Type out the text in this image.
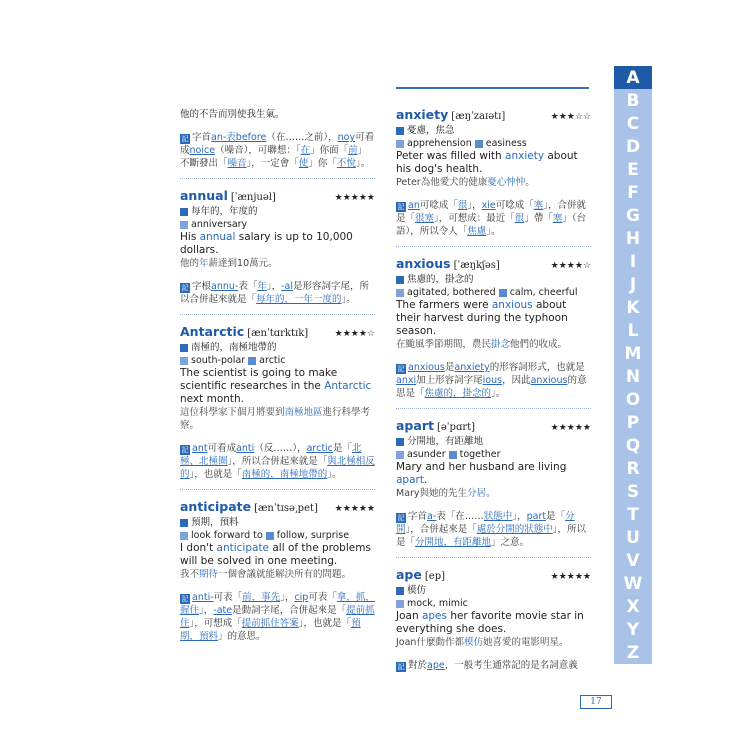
他的不告而別使我生氣。

記 字首an-表before（在……之前），noy可看成noice（噪音），可聯想：「在」你面「前」不斷發出「噪音」，一定會「使」你「不悅」。
annual [ˈænjuəl]	★★★★★
每年的，年度的
anniversary
His annual salary is up to 10,000 dollars.
他的年薪達到10萬元。
記 字根annu-表「年」，-al是形容詞字尾，所以合併起來就是「每年的，一年一度的」。
Antarctic [ænˈtɑrktɪk]	★★★★☆
南極的，南極地帶的
south-polar arctic
The scientist is going to make scientific researches in the Antarctic next month.
這位科學家下個月將要到南極地區進行科學考察。
記 ant可看成anti（反……），arctic是「北極、北極圈」，所以合併起來就是「與北極相反的」，也就是「南極的，南極地帶的」。
anticipate [ænˈtɪsə͵pet] ★★★★★
預期，預料
look forward to follow, surprise
I don't anticipate all of the problems will be solved in one meeting.
我不期待一個會議就能解決所有的問題。
記 anti-可表「前，事先」，cip可表「拿，抓，握住」，-ate是動詞字尾，合併起來是「提前抓住」，可想成「提前抓住答案」，也就是「預期，預料」的意思。
anxiety [æŋˈzaɪətɪ]	★★★☆☆
憂慮，焦急
apprehension easiness
Peter was filled with anxiety about his dog's health.
Peter為他愛犬的健康憂心忡忡。
記 an可唸成「很」，xie可唸成「塞」，合併就是「很塞」，可想成：最近「很」帶「塞」（台語），所以令人「焦慮」。
anxious [ˈæŋkʃəs]	★★★★☆
焦慮的，掛念的
agitated, bothered calm, cheerful
The farmers were anxious about their harvest during the typhoon season.
在颱風季節期間，農民掛念他們的收成。
記 anxious是anxiety的形容詞形式，也就是anxi加上形容詞字尾ious，因此anxious的意思是「焦慮的，掛念的」。
apart [əˈpɑrt]	★★★★★
分開地，有距離地
asunder together
Mary and her husband are living apart.
Mary與她的先生分居。
記 字首a-表「在……狀態中」，part是「分開」，合併起來是「處於分開的狀態中」，所以是「分開地，有距離地」之意。
ape [ep]	★★★★★
模仿
mock, mimic
Joan apes her favorite movie star in everything she does.
Joan什麼動作都模仿她喜愛的電影明星。
記 對於ape，一般考生通常記的是名詞意義
A
B
C
D
E
F
G
H
I
J
K
L
M
N
O
P
Q
R
S
T
U
V
W
X
Y
Z
17
